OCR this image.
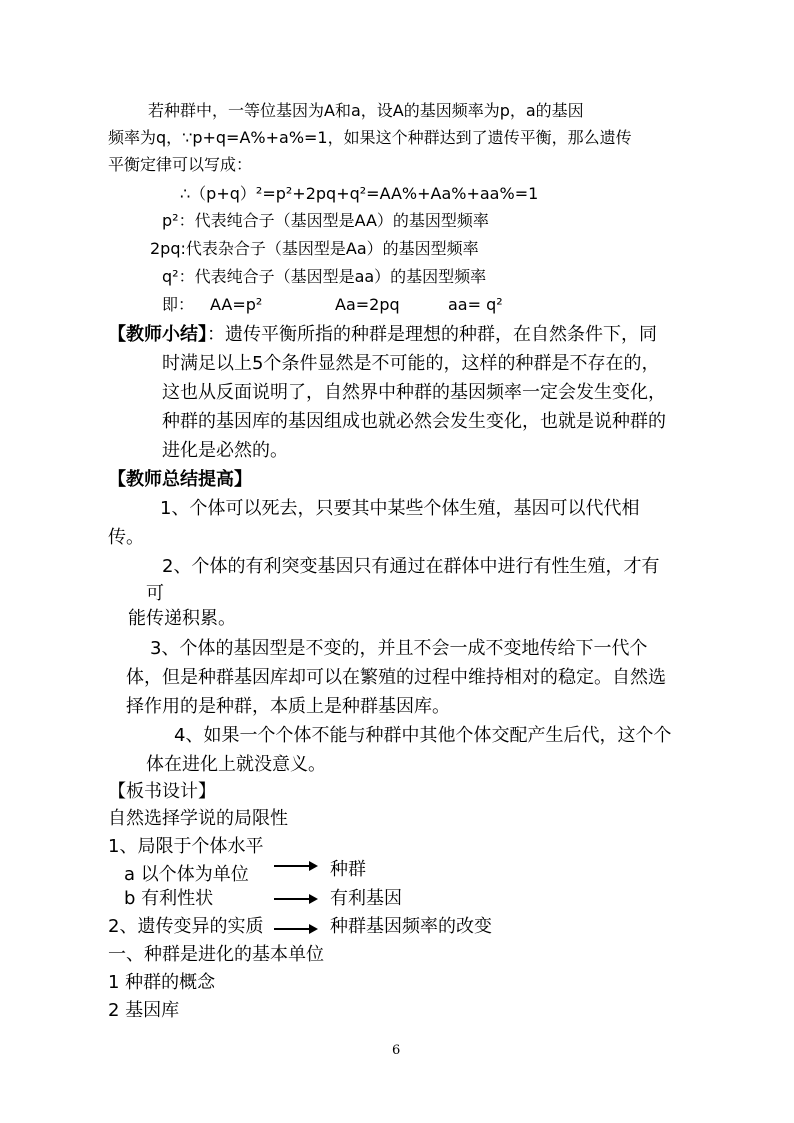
若种群中，一等位基因为A和a，设A的基因频率为p，a的基因
频率为q，∵p+q=A%+a%=1，如果这个种群达到了遗传平衡，那么遗传
平衡定律可以写成：
∴（p+q）²=p²+2pq+q²=AA%+Aa%+aa%=1
p²：代表纯合子（基因型是AA）的基因型频率
2pq:代表杂合子（基因型是Aa）的基因型频率
q²：代表纯合子（基因型是aa）的基因型频率
即： AA=p²	Aa=2pq	aa= q²
【教师小结】：遗传平衡所指的种群是理想的种群，在自然条件下，同
时满足以上5个条件显然是不可能的，这样的种群是不存在的，
这也从反面说明了，自然界中种群的基因频率一定会发生变化，
种群的基因库的基因组成也就必然会发生变化，也就是说种群的
进化是必然的。
【教师总结提高】
1、个体可以死去，只要其中某些个体生殖，基因可以代代相
传。
2、个体的有利突变基因只有通过在群体中进行有性生殖，才有
可
能传递积累。
3、个体的基因型是不变的，并且不会一成不变地传给下一代个
体，但是种群基因库却可以在繁殖的过程中维持相对的稳定。自然选
择作用的是种群，本质上是种群基因库。
4、如果一个个体不能与种群中其他个体交配产生后代，这个个
体在进化上就没意义。
【板书设计】
自然选择学说的局限性
1、局限于个体水平
a 以个体为单位	种群
b 有利性状	有利基因
2、遗传变异的实质	种群基因频率的改变
一、种群是进化的基本单位
1 种群的概念
2 基因库
6
